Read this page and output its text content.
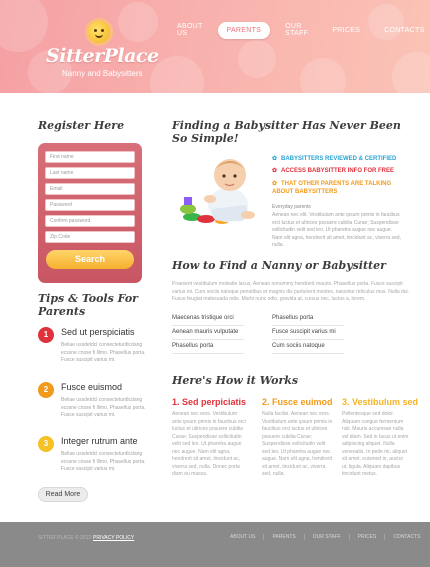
SitterPlace
Nanny and Babysitters
ABOUT US	PARENTS	OUR STAFF	PRICES	CONTACTS
Register Here
First name
Last name
Email
Password
Confirm password
Zip Code
Search
Tips & Tools For Parents
1	Sed ut perspiciatis
Beliae ussdetdcl consecteturdlcdang ecssne cnsse fi lllmo. Phasellus porta. Fusce suscipit varius mi.
2	Fusce euismod
Beliae ussdetdcl consecteturdlcdang ecssne cnsse fi lllmo. Phasellus porta. Fusce suscipit varius mi.
3	Integer rutrum ante
Beliae ussdetdcl consecteturdlcdang ecssne cnsse fi lllmo. Phasellus porta. Fusce suscipit varius mi.
Read More
Finding a Babysitter Has Never Been So Simple!
✿ BABYSITTERS REVIEWED & CERTIFIED
✿ ACCESS BABYSITTER INFO FOR FREE
✿ THAT OTHER PARENTS ARE TALKING ABOUT BABYSITTERS
Everyday parents
Aenean nec elit. Vestibulum ante ipsum primis in faucibus orci luctus et ultrices posuere cubilia Curae; Suspendisse sollicitudin velit sed leo. Ut pharetra augue nec augue. Nam elit agna, hendrerit sit amet, tincidunt ac, viverra sed, nulla.
How to Find a Nanny or Babysitter
Praesent vestibulum molestie lacus. Aenean nonummy hendrerit mauris. Phasellus porta. Fusce suscipit varius mi. Cum sociis natoque penatibus et magnis dis parturient montes, nascetur ridiculus mus. Nulla dui. Fusce feugiat malesuada odio. Morbi nunc odio, gravida at, cursus nec, luctus a, lorem.
Maecenas tristique orci	Phasellus porta
Aenean mauris vulputate	Fusce suscipit varius mi
Phasellus porta	Cum sociis natoque
Here's How it Works
1. Sed perpiciatis 2. Fusce euimod 3. Vestibulum sed
Aenean nec eros. Vestibulum ante ipsum primis in faucibus orci luctus et ultrices posuere cubilia Curae; Suspendisse sollicitudin velit sed leo. Ut pharetra augue nec augue. Nam elit agna, hendrerit sit amet, tincidunt ac, viverra sed, nulla. Donec porta diam eu massa.
Nulla facilisi. Aenean nec eros. Vestibulum ante ipsum primis in faucibus orci luctus et ultrices posuere cubilia Curae; Suspendisse sollicitudin velit sed leo. Ut pharetra augue nec augue. Nam elit agna, hendrerit sit amet, tincidunt ac, viverra sed, nulla.
Pellentesque sed dolor. Aliquam congue fermentum nisl. Mauris accumsan nulla vel diam. Sed in lacus ut enim adipiscing aliquet. Nulla venenatis. In pede mi, aliquet sit amet, euismod in, auctor ut, ligula. Aliquam dapibus tincidunt metus.
SITTER PLACE © 2013 PRIVACY POLICY	ABOUT US	PARENTS	OUR STAFF	PRICES	CONTACTS
